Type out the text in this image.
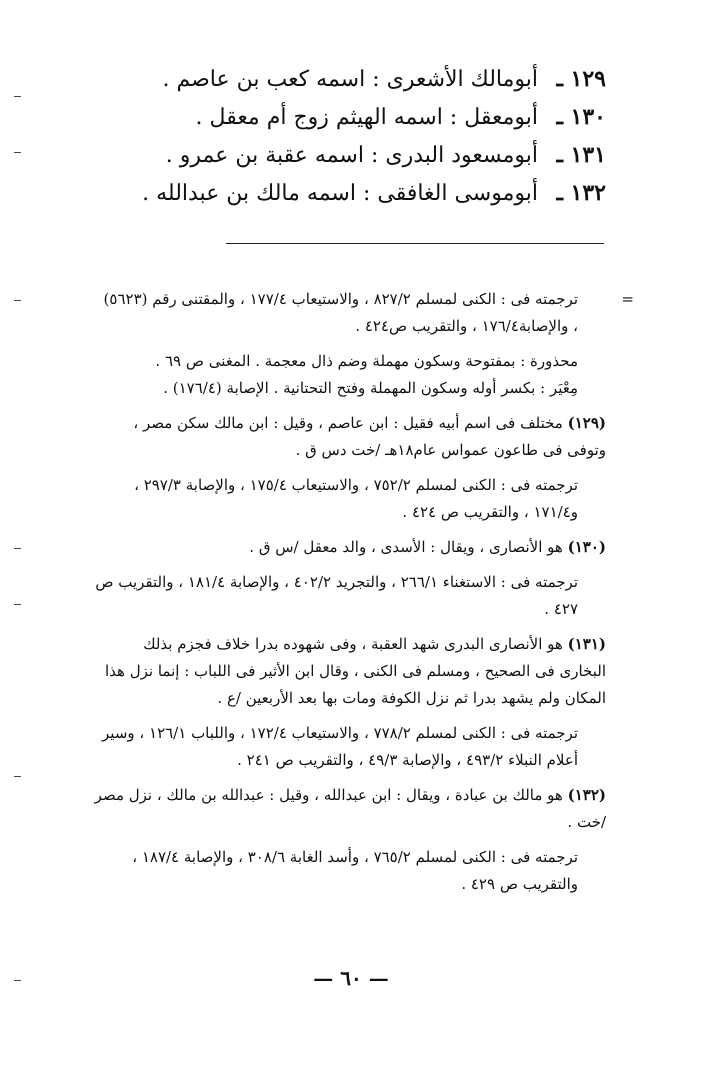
١٢٩ ـ
أبومالك الأشعرى : اسمه كعب بن عاصم .
١٣٠ ـ
أبومعقل : اسمه الهيثم زوج أم معقل .
١٣١ ـ
أبومسعود البدرى : اسمه عقبة بن عمرو .
١٣٢ ـ
أبوموسى الغافقى : اسمه مالك بن عبدالله .
=
ترجمته فى : الكنى لمسلم ٨٢٧/٢ ، والاستيعاب ١٧٧/٤ ، والمقتنى رقم (٥٦٢٣) ، والإصابة١٧٦/٤ ، والتقريب ص٤٢٤ .
محذورة : بمفتوحة وسكون مهملة وضم ذال معجمة . المغنى ص ٦٩ .
مِعْيَر : بكسر أوله وسكون المهملة وفتح التحتانية . الإصابة (١٧٦/٤) .
(١٢٩) مختلف فى اسم أبيه فقيل : ابن عاصم ، وقيل : ابن مالك سكن مصر ، وتوفى فى طاعون عمواس عام١٨هـ /خت دس ق .
ترجمته فى : الكنى لمسلم ٧٥٢/٢ ، والاستيعاب ١٧٥/٤ ، والإصابة ٢٩٧/٣ ، و١٧١/٤ ، والتقريب ص ٤٢٤ .
(١٣٠) هو الأنصارى ، ويقال : الأسدى ، والد معقل /س ق .
ترجمته فى : الاستغناء ٢٦٦/١ ، والتجريد ٤٠٢/٢ ، والإصابة ١٨١/٤ ، والتقريب ص ٤٢٧ .
(١٣١) هو الأنصارى البدرى شهد العقبة ، وفى شهوده بدرا خلاف فجزم بذلك البخارى فى الصحيح ، ومسلم فى الكنى ، وقال ابن الأثير فى اللباب : إنما نزل هذا المكان ولم يشهد بدرا ثم نزل الكوفة ومات بها بعد الأربعين /ع .
ترجمته فى : الكنى لمسلم ٧٧٨/٢ ، والاستيعاب ١٧٢/٤ ، واللباب ١٢٦/١ ، وسير أعلام النبلاء ٤٩٣/٢ ، والإصابة ٤٩/٣ ، والتقريب ص ٢٤١ .
(١٣٢) هو مالك بن عبادة ، ويقال : ابن عبدالله ، وقيل : عبدالله بن مالك ، نزل مصر /خت .
ترجمته فى : الكنى لمسلم ٧٦٥/٢ ، وأسد الغابة ٣٠٨/٦ ، والإصابة ١٨٧/٤ ، والتقريب ص ٤٢٩ .
— ٦٠ —
